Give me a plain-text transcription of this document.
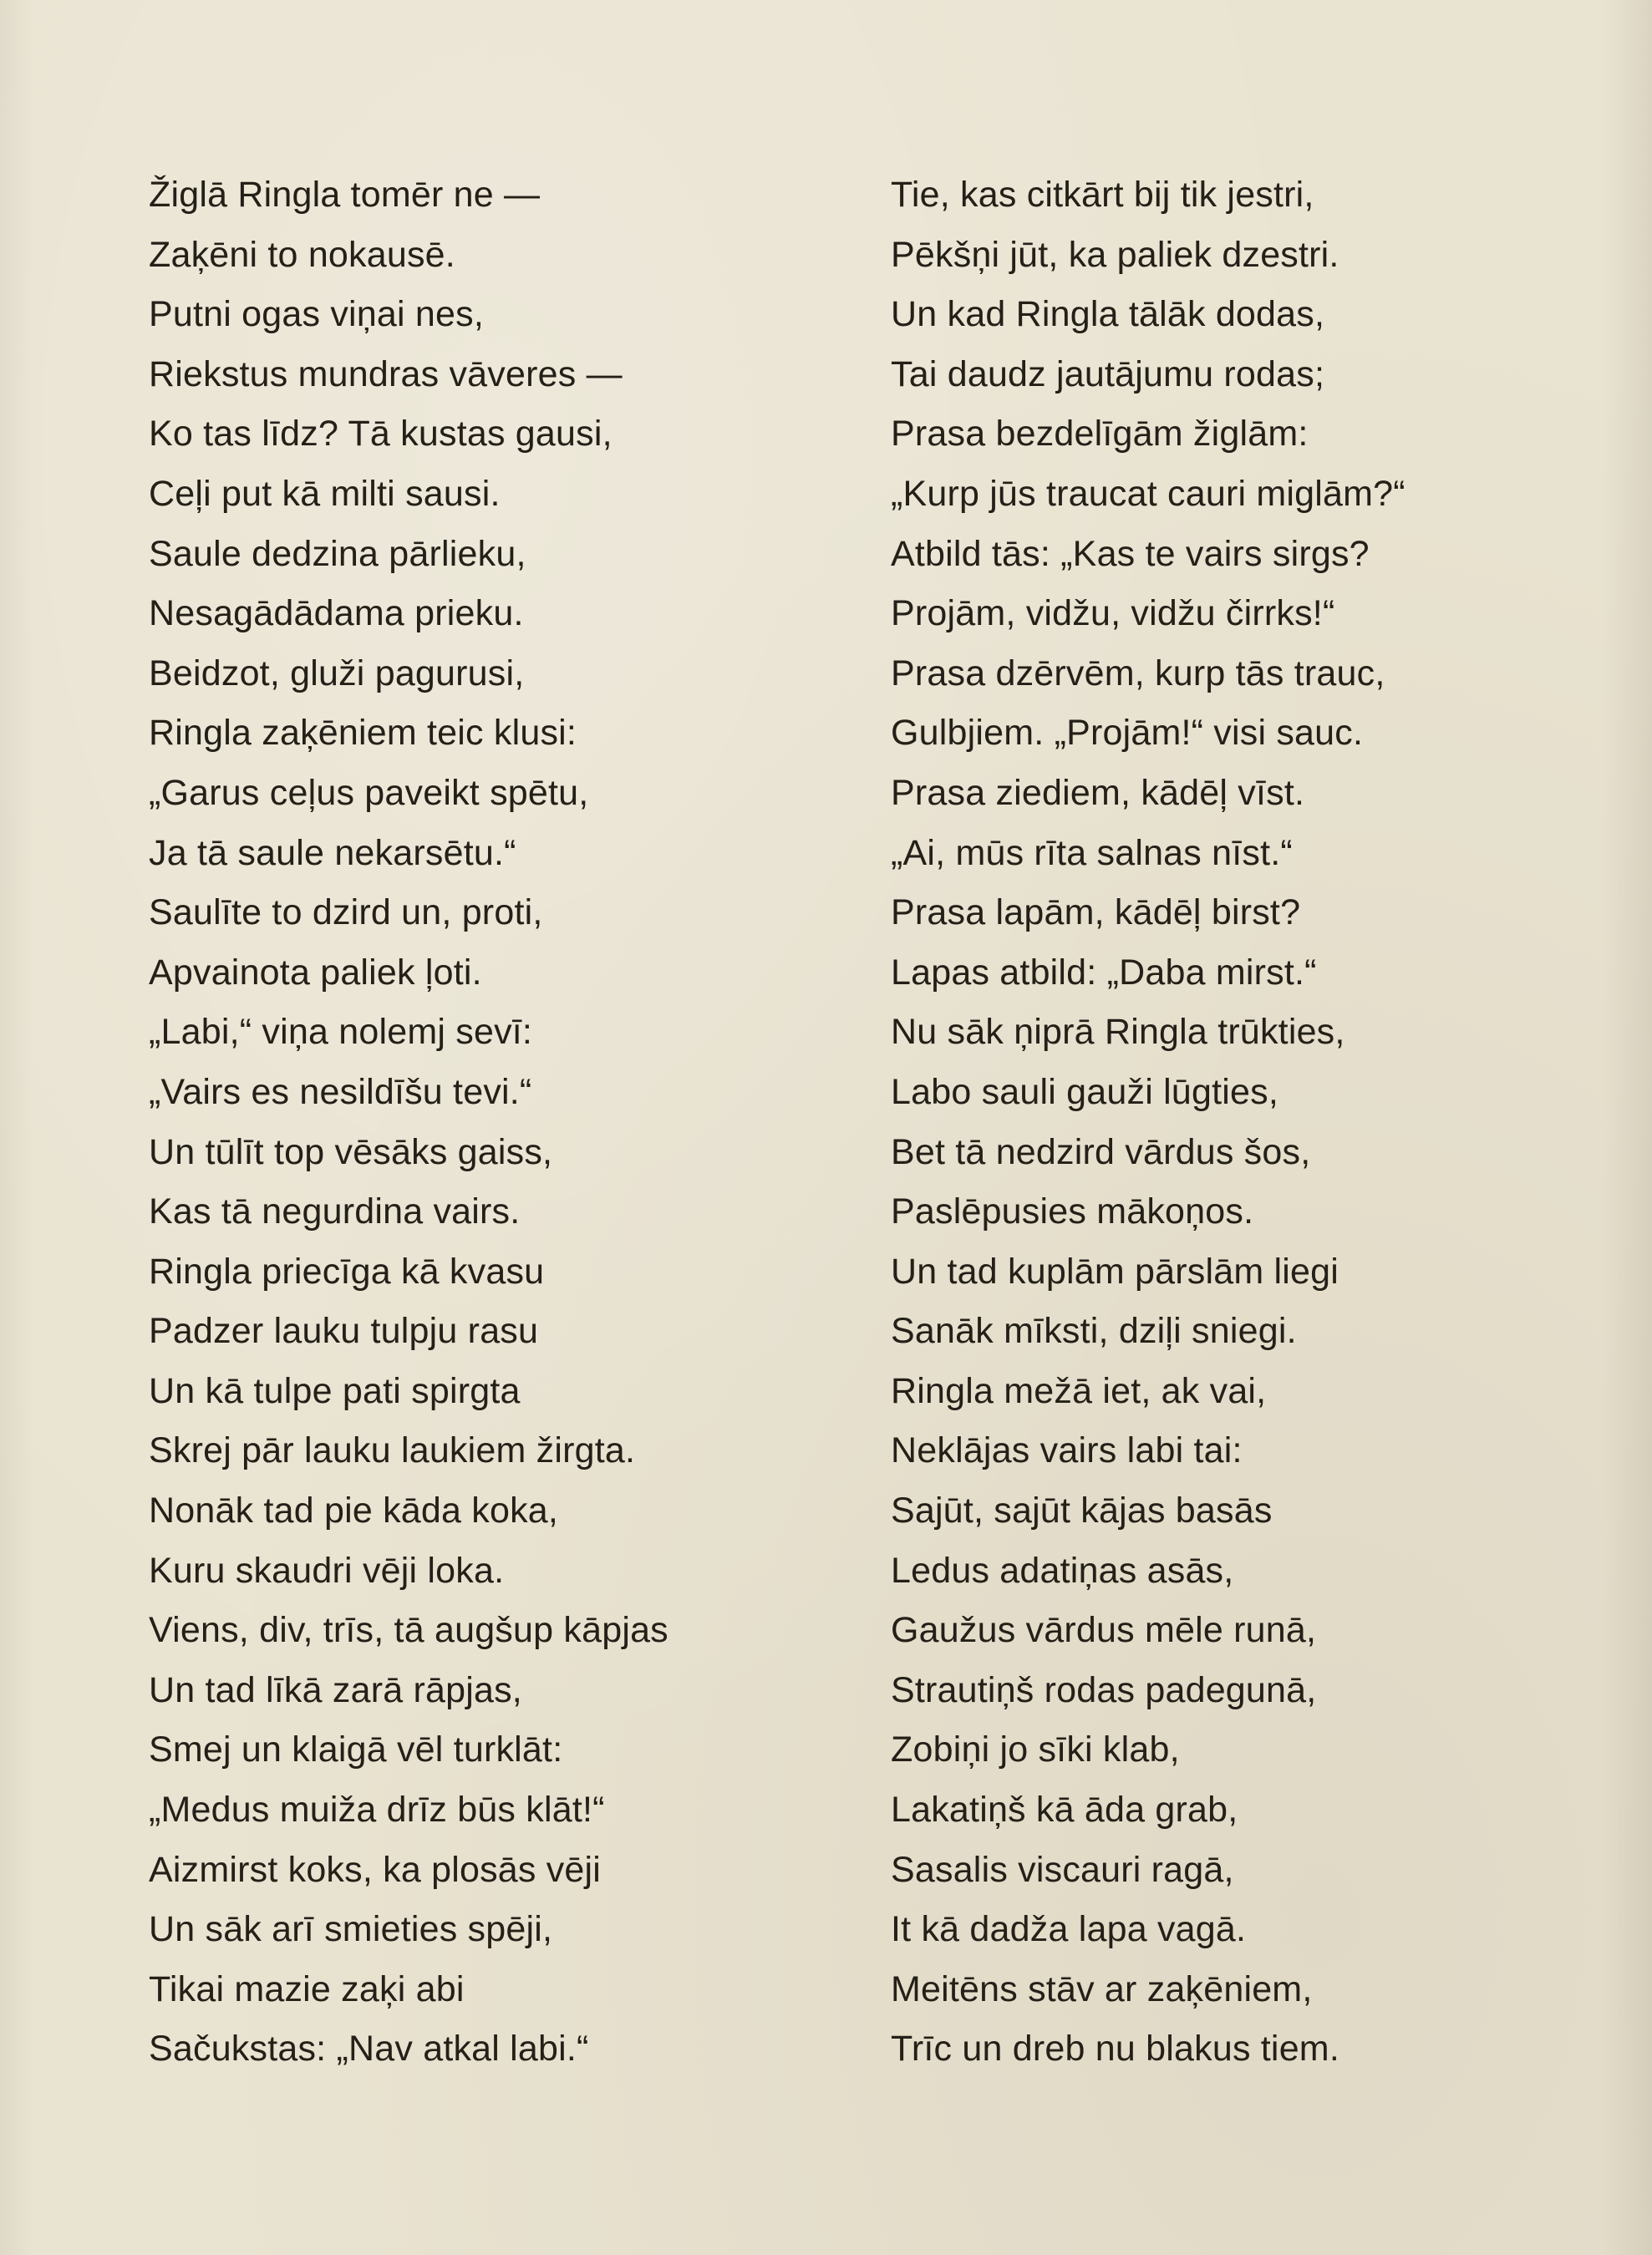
Žiglā Ringla tomēr ne —
Zaķēni to nokausē.
Putni ogas viņai nes,
Riekstus mundras vāveres —
Ko tas līdz? Tā kustas gausi,
Ceļi put kā milti sausi.
Saule dedzina pārlieku,
Nesagādādama prieku.
Beidzot, gluži pagurusi,
Ringla zaķēniem teic klusi:
„Garus ceļus paveikt spētu,
Ja tā saule nekarsētu.“
Saulīte to dzird un, proti,
Apvainota paliek ļoti.
„Labi,“ viņa nolemj sevī:
„Vairs es nesildīšu tevi.“
Un tūlīt top vēsāks gaiss,
Kas tā negurdina vairs.
Ringla priecīga kā kvasu
Padzer lauku tulpju rasu
Un kā tulpe pati spirgta
Skrej pār lauku laukiem žirgta.
Nonāk tad pie kāda koka,
Kuru skaudri vēji loka.
Viens, div, trīs, tā augšup kāpjas
Un tad līkā zarā rāpjas,
Smej un klaigā vēl turklāt:
„Medus muiža drīz būs klāt!“
Aizmirst koks, ka plosās vēji
Un sāk arī smieties spēji,
Tikai mazie zaķi abi
Sačukstas: „Nav atkal labi.“
Tie, kas citkārt bij tik jestri,
Pēkšņi jūt, ka paliek dzestri.
Un kad Ringla tālāk dodas,
Tai daudz jautājumu rodas;
Prasa bezdelīgām žiglām:
„Kurp jūs traucat cauri miglām?“
Atbild tās: „Kas te vairs sirgs?
Projām, vidžu, vidžu čirrks!“
Prasa dzērvēm, kurp tās trauc,
Gulbjiem. „Projām!“ visi sauc.
Prasa ziediem, kādēļ vīst.
„Ai, mūs rīta salnas nīst.“
Prasa lapām, kādēļ birst?
Lapas atbild: „Daba mirst.“
Nu sāk ņiprā Ringla trūkties,
Labo sauli gauži lūgties,
Bet tā nedzird vārdus šos,
Paslēpusies mākoņos.
Un tad kuplām pārslām liegi
Sanāk mīksti, dziļi sniegi.
Ringla mežā iet, ak vai,
Neklājas vairs labi tai:
Sajūt, sajūt kājas basās
Ledus adatiņas asās,
Gaužus vārdus mēle runā,
Strautiņš rodas padegunā,
Zobiņi jo sīki klab,
Lakatiņš kā āda grab,
Sasalis viscauri ragā,
It kā dadža lapa vagā.
Meitēns stāv ar zaķēniem,
Trīc un dreb nu blakus tiem.
